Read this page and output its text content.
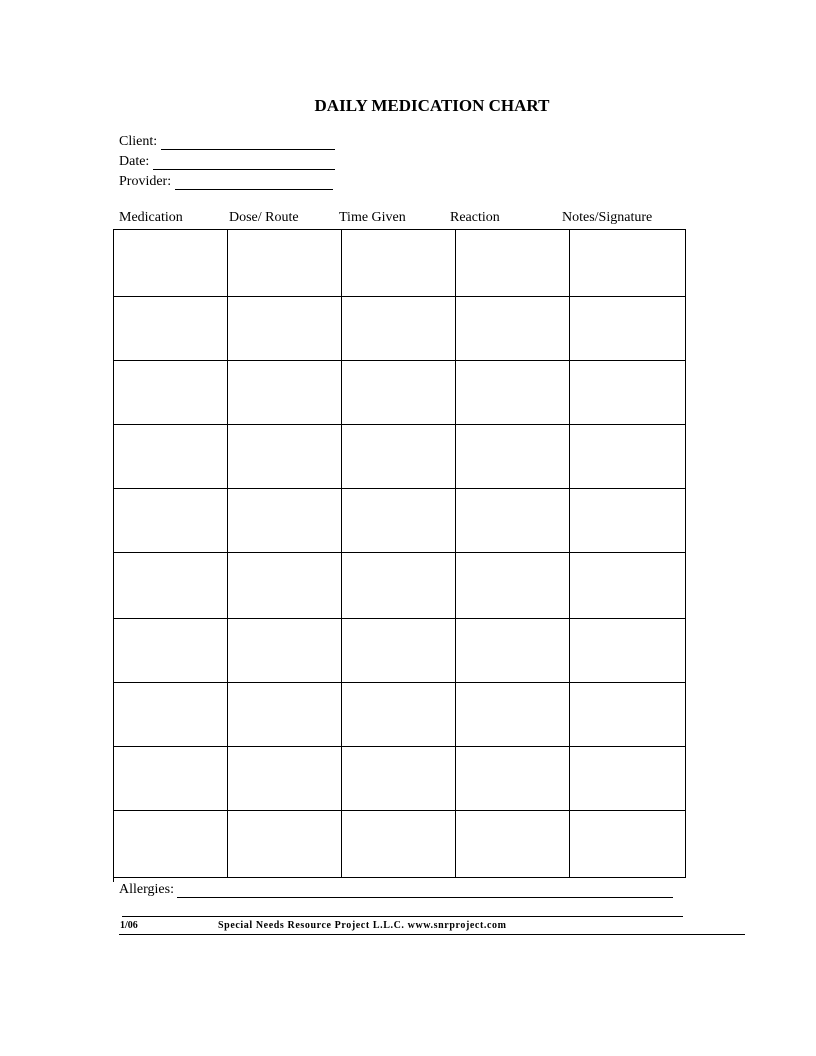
DAILY MEDICATION CHART
Client:
Date:
Provider:
Medication	Dose/ Route	Time Given	Reaction	Notes/Signature
Allergies:
1/06	Special Needs Resource Project L.L.C. www.snrproject.com
